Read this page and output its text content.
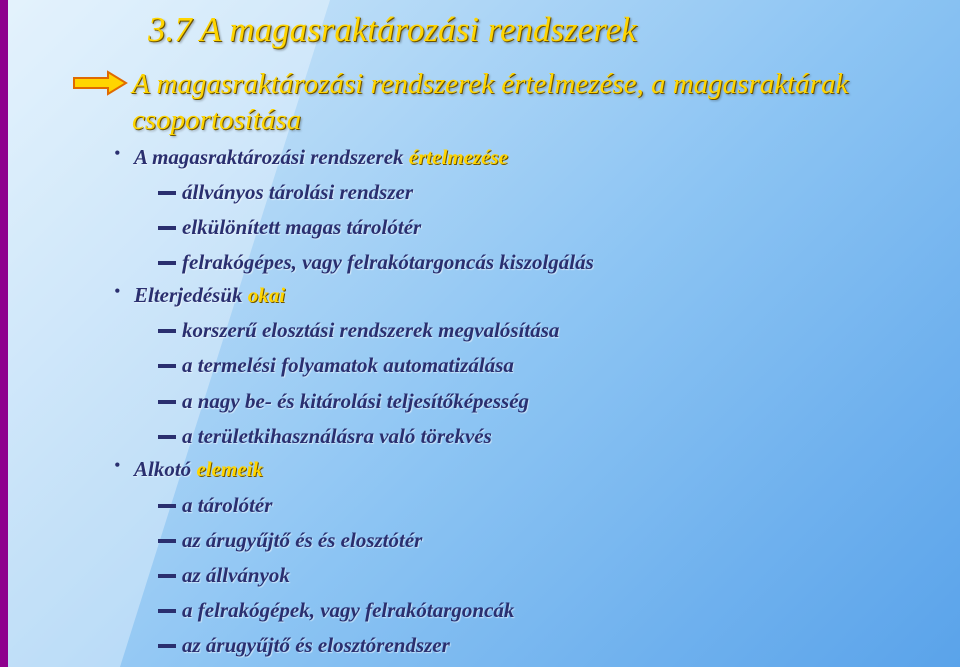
3.7 A magasraktározási rendszerek
A magasraktározási rendszerek értelmezése, a magasraktárak csoportosítása
• A magasraktározási rendszerek értelmezése
állványos tárolási rendszer
elkülönített magas tárolótér
felrakógépes, vagy felrakótargoncás kiszolgálás
• Elterjedésük okai
korszerű elosztási rendszerek megvalósítása
a termelési folyamatok automatizálása
a nagy be- és kitárolási teljesítőképesség
a területkihasználásra való törekvés
• Alkotó elemeik
a tárolótér
az árugyűjtő és és elosztótér
az állványok
a felrakógépek, vagy felrakótargoncák
az árugyűjtő és elosztórendszer
